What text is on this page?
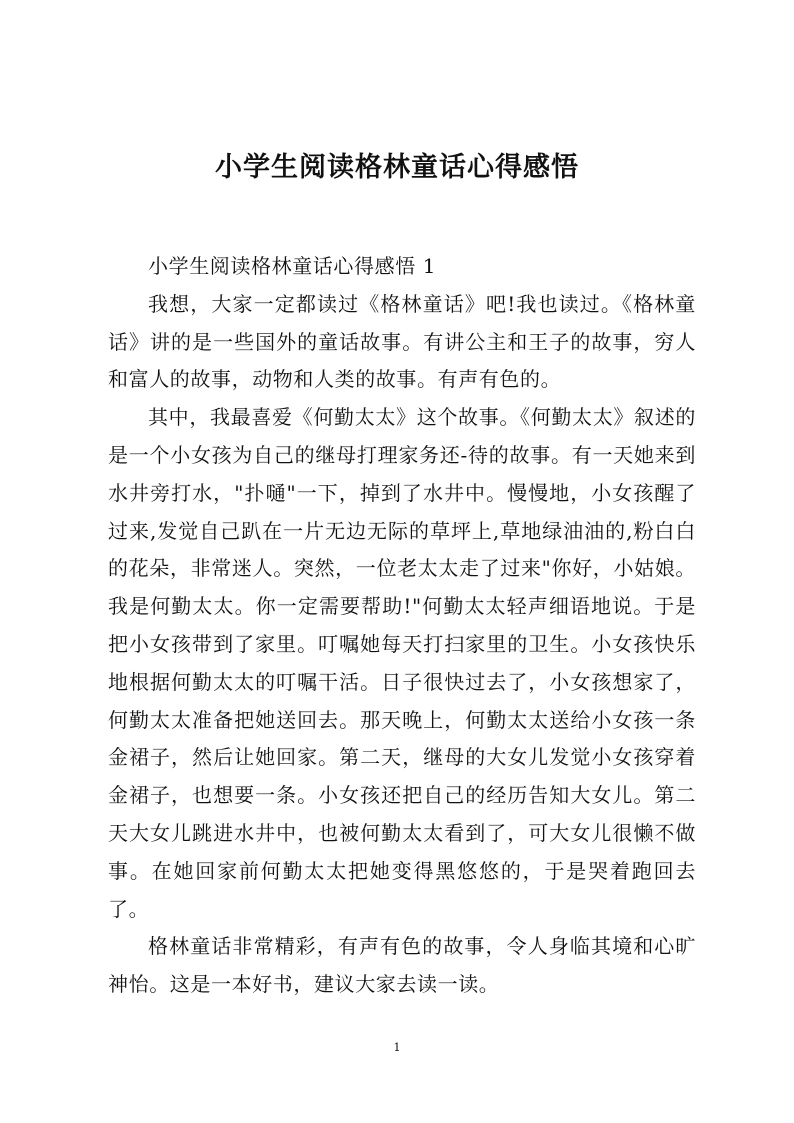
小学生阅读格林童话心得感悟

小学生阅读格林童话心得感悟 1

我想，大家一定都读过《格林童话》吧!我也读过。《格林童话》讲的是一些国外的童话故事。有讲公主和王子的故事，穷人和富人的故事，动物和人类的故事。有声有色的。

其中，我最喜爱《何勤太太》这个故事。《何勤太太》叙述的是一个小女孩为自己的继母打理家务还-待的故事。有一天她来到水井旁打水，"扑嗵"一下，掉到了水井中。慢慢地，小女孩醒了过来,发觉自己趴在一片无边无际的草坪上,草地绿油油的,粉白白的花朵，非常迷人。突然，一位老太太走了过来"你好，小姑娘。我是何勤太太。你一定需要帮助!"何勤太太轻声细语地说。于是把小女孩带到了家里。叮嘱她每天打扫家里的卫生。小女孩快乐地根据何勤太太的叮嘱干活。日子很快过去了，小女孩想家了，何勤太太准备把她送回去。那天晚上，何勤太太送给小女孩一条金裙子，然后让她回家。第二天，继母的大女儿发觉小女孩穿着金裙子，也想要一条。小女孩还把自己的经历告知大女儿。第二天大女儿跳进水井中，也被何勤太太看到了，可大女儿很懒不做事。在她回家前何勤太太把她变得黑悠悠的，于是哭着跑回去了。

格林童话非常精彩，有声有色的故事，令人身临其境和心旷神怡。这是一本好书，建议大家去读一读。

1
